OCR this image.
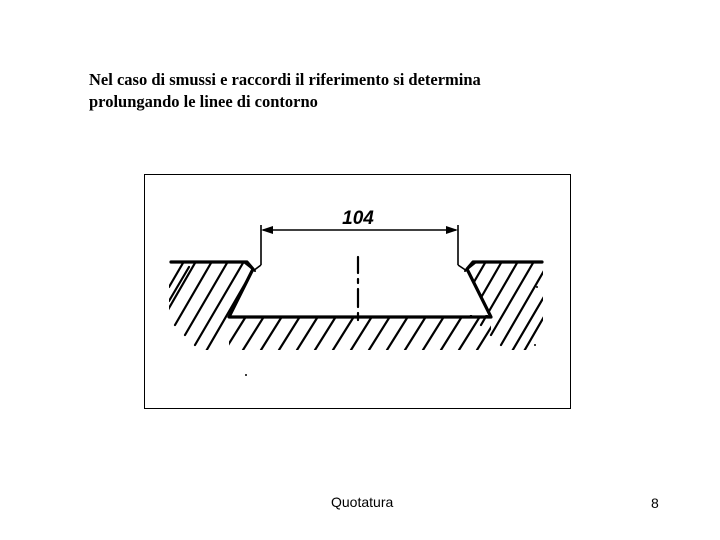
Nel caso di smussi e raccordi il riferimento si determina
prolungando le linee di contorno
104
Quotatura	8
